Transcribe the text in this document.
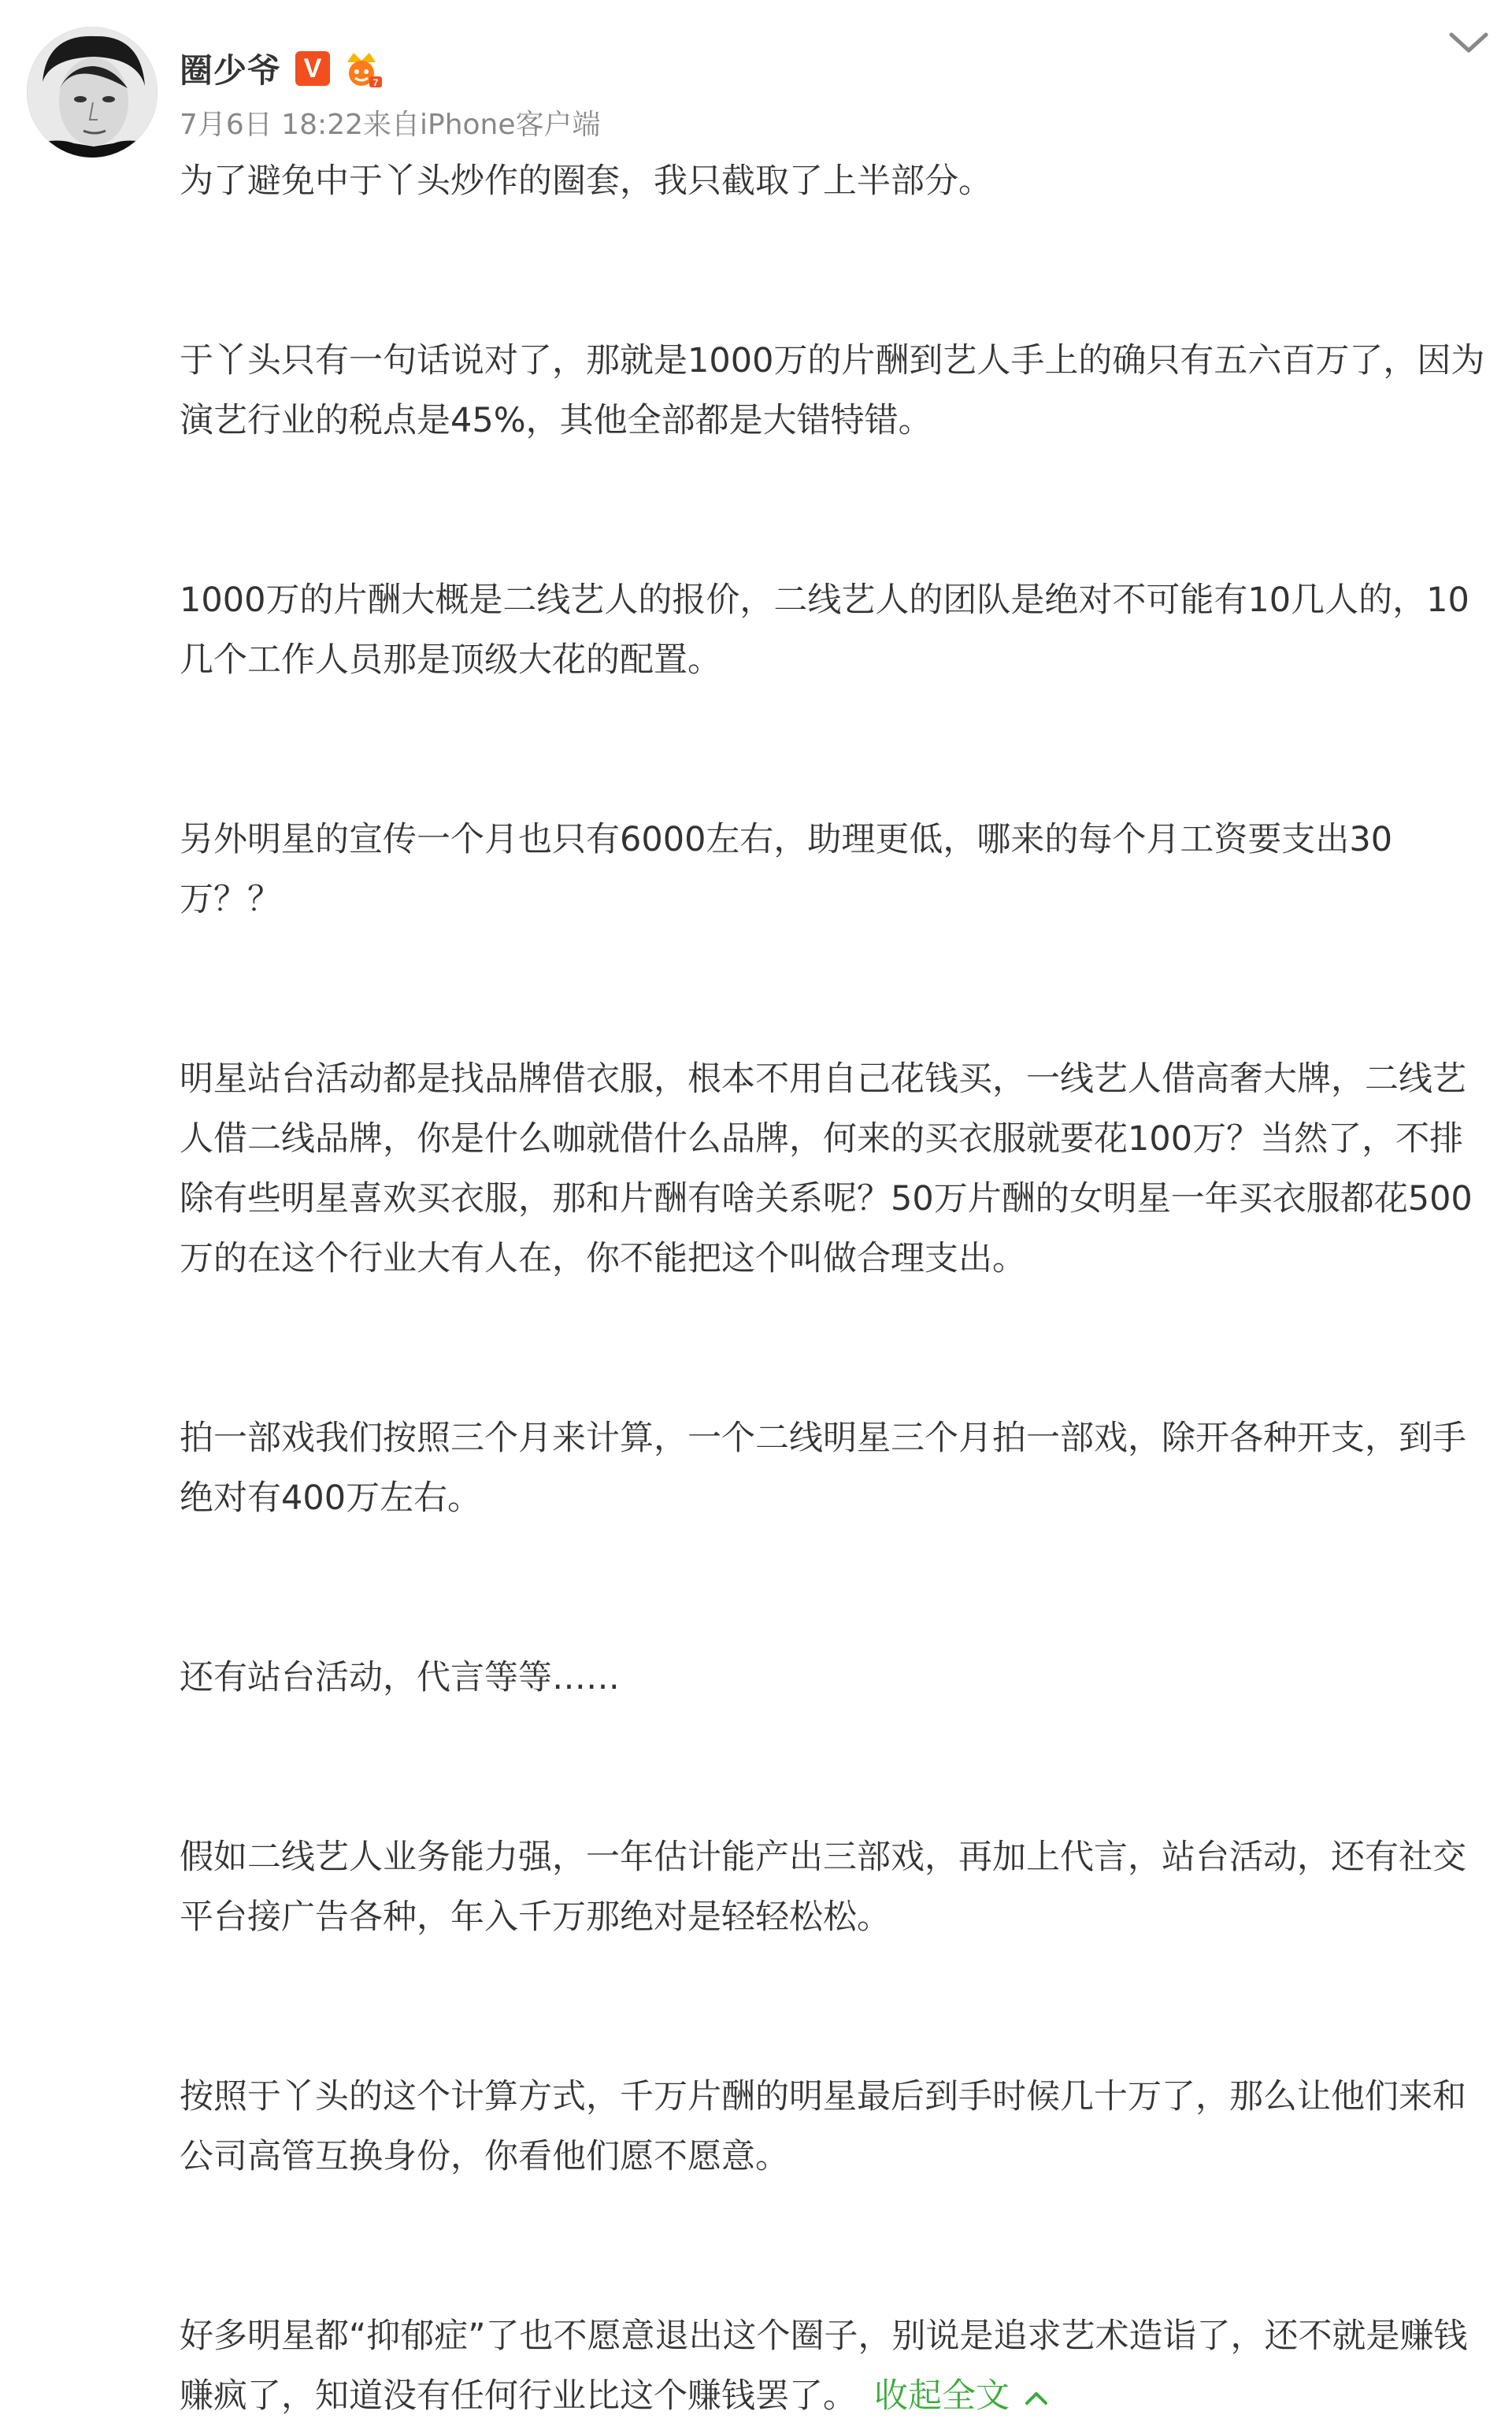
圈少爷 V	7
7月6日 18:22来自iPhone客户端

为了避免中于丫头炒作的圈套，我只截取了上半部分。

于丫头只有一句话说对了，那就是1000万的片酬到艺人手上的确只有五六百万了，因为演艺行业的税点是45%，其他全部都是大错特错。

1000万的片酬大概是二线艺人的报价，二线艺人的团队是绝对不可能有10几人的，10几个工作人员那是顶级大花的配置。

另外明星的宣传一个月也只有6000左右，助理更低，哪来的每个月工资要支出30万？？

明星站台活动都是找品牌借衣服，根本不用自己花钱买，一线艺人借高奢大牌，二线艺人借二线品牌，你是什么咖就借什么品牌，何来的买衣服就要花100万？当然了，不排除有些明星喜欢买衣服，那和片酬有啥关系呢？50万片酬的女明星一年买衣服都花500万的在这个行业大有人在，你不能把这个叫做合理支出。

拍一部戏我们按照三个月来计算，一个二线明星三个月拍一部戏，除开各种开支，到手绝对有400万左右。

还有站台活动，代言等等……

假如二线艺人业务能力强，一年估计能产出三部戏，再加上代言，站台活动，还有社交平台接广告各种，年入千万那绝对是轻轻松松。

按照于丫头的这个计算方式，千万片酬的明星最后到手时候几十万了，那么让他们来和公司高管互换身份，你看他们愿不愿意。

好多明星都“抑郁症”了也不愿意退出这个圈子，别说是追求艺术造诣了，还不就是赚钱赚疯了，知道没有任何行业比这个赚钱罢了。 收起全文
